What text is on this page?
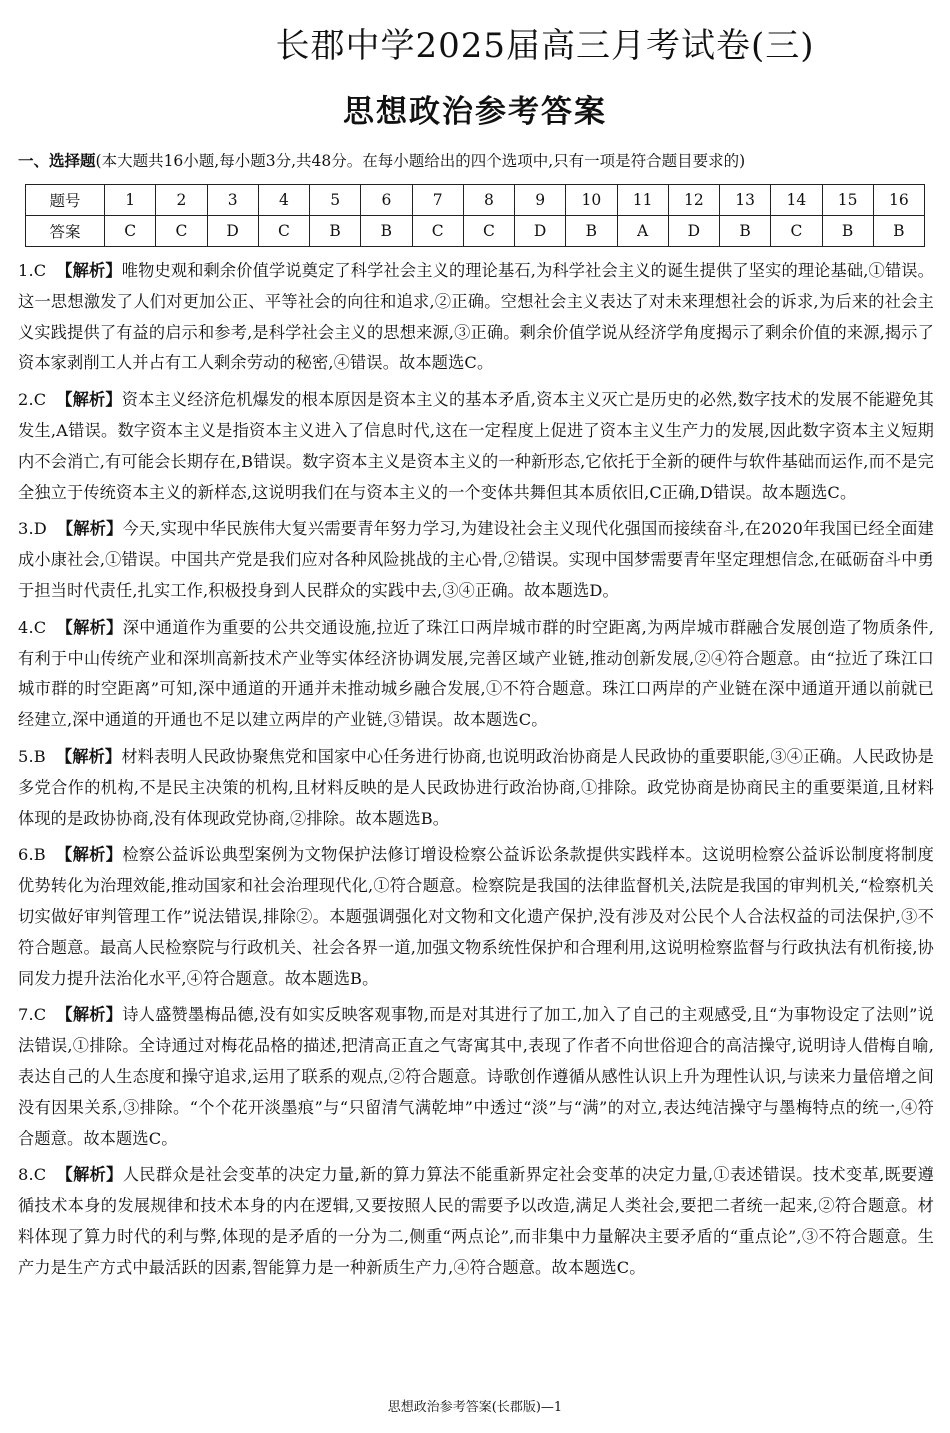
长郡中学2025届高三月考试卷(三)
思想政治参考答案
一、选择题(本大题共16小题,每小题3分,共48分。在每小题给出的四个选项中,只有一项是符合题目要求的)
题号	1	2	3	4	5	6	7	8	9	10	11	12	13	14	15	16
答案	C	C	D	C	B	B	C	C	D	B	A	D	B	C	B	B

1.C 【解析】唯物史观和剩余价值学说奠定了科学社会主义的理论基石,为科学社会主义的诞生提供了坚实的理论基础,①错误。这一思想激发了人们对更加公正、平等社会的向往和追求,②正确。空想社会主义表达了对未来理想社会的诉求,为后来的社会主义实践提供了有益的启示和参考,是科学社会主义的思想来源,③正确。剩余价值学说从经济学角度揭示了剩余价值的来源,揭示了资本家剥削工人并占有工人剩余劳动的秘密,④错误。故本题选C。

2.C 【解析】资本主义经济危机爆发的根本原因是资本主义的基本矛盾,资本主义灭亡是历史的必然,数字技术的发展不能避免其发生,A错误。数字资本主义是指资本主义进入了信息时代,这在一定程度上促进了资本主义生产力的发展,因此数字资本主义短期内不会消亡,有可能会长期存在,B错误。数字资本主义是资本主义的一种新形态,它依托于全新的硬件与软件基础而运作,而不是完全独立于传统资本主义的新样态,这说明我们在与资本主义的一个变体共舞但其本质依旧,C正确,D错误。故本题选C。

3.D 【解析】今天,实现中华民族伟大复兴需要青年努力学习,为建设社会主义现代化强国而接续奋斗,在2020年我国已经全面建成小康社会,①错误。中国共产党是我们应对各种风险挑战的主心骨,②错误。实现中国梦需要青年坚定理想信念,在砥砺奋斗中勇于担当时代责任,扎实工作,积极投身到人民群众的实践中去,③④正确。故本题选D。

4.C 【解析】深中通道作为重要的公共交通设施,拉近了珠江口两岸城市群的时空距离,为两岸城市群融合发展创造了物质条件,有利于中山传统产业和深圳高新技术产业等实体经济协调发展,完善区域产业链,推动创新发展,②④符合题意。由“拉近了珠江口城市群的时空距离”可知,深中通道的开通并未推动城乡融合发展,①不符合题意。珠江口两岸的产业链在深中通道开通以前就已经建立,深中通道的开通也不足以建立两岸的产业链,③错误。故本题选C。

5.B 【解析】材料表明人民政协聚焦党和国家中心任务进行协商,也说明政治协商是人民政协的重要职能,③④正确。人民政协是多党合作的机构,不是民主决策的机构,且材料反映的是人民政协进行政治协商,①排除。政党协商是协商民主的重要渠道,且材料体现的是政协协商,没有体现政党协商,②排除。故本题选B。

6.B 【解析】检察公益诉讼典型案例为文物保护法修订增设检察公益诉讼条款提供实践样本。这说明检察公益诉讼制度将制度优势转化为治理效能,推动国家和社会治理现代化,①符合题意。检察院是我国的法律监督机关,法院是我国的审判机关,“检察机关切实做好审判管理工作”说法错误,排除②。本题强调强化对文物和文化遗产保护,没有涉及对公民个人合法权益的司法保护,③不符合题意。最高人民检察院与行政机关、社会各界一道,加强文物系统性保护和合理利用,这说明检察监督与行政执法有机衔接,协同发力提升法治化水平,④符合题意。故本题选B。

7.C 【解析】诗人盛赞墨梅品德,没有如实反映客观事物,而是对其进行了加工,加入了自己的主观感受,且“为事物设定了法则”说法错误,①排除。全诗通过对梅花品格的描述,把清高正直之气寄寓其中,表现了作者不向世俗迎合的高洁操守,说明诗人借梅自喻,表达自己的人生态度和操守追求,运用了联系的观点,②符合题意。诗歌创作遵循从感性认识上升为理性认识,与读来力量倍增之间没有因果关系,③排除。“个个花开淡墨痕”与“只留清气满乾坤”中透过“淡”与“满”的对立,表达纯洁操守与墨梅特点的统一,④符合题意。故本题选C。

8.C 【解析】人民群众是社会变革的决定力量,新的算力算法不能重新界定社会变革的决定力量,①表述错误。技术变革,既要遵循技术本身的发展规律和技术本身的内在逻辑,又要按照人民的需要予以改造,满足人类社会,要把二者统一起来,②符合题意。材料体现了算力时代的利与弊,体现的是矛盾的一分为二,侧重“两点论”,而非集中力量解决主要矛盾的“重点论”,③不符合题意。生产力是生产方式中最活跃的因素,智能算力是一种新质生产力,④符合题意。故本题选C。

思想政治参考答案(长郡版)—1
